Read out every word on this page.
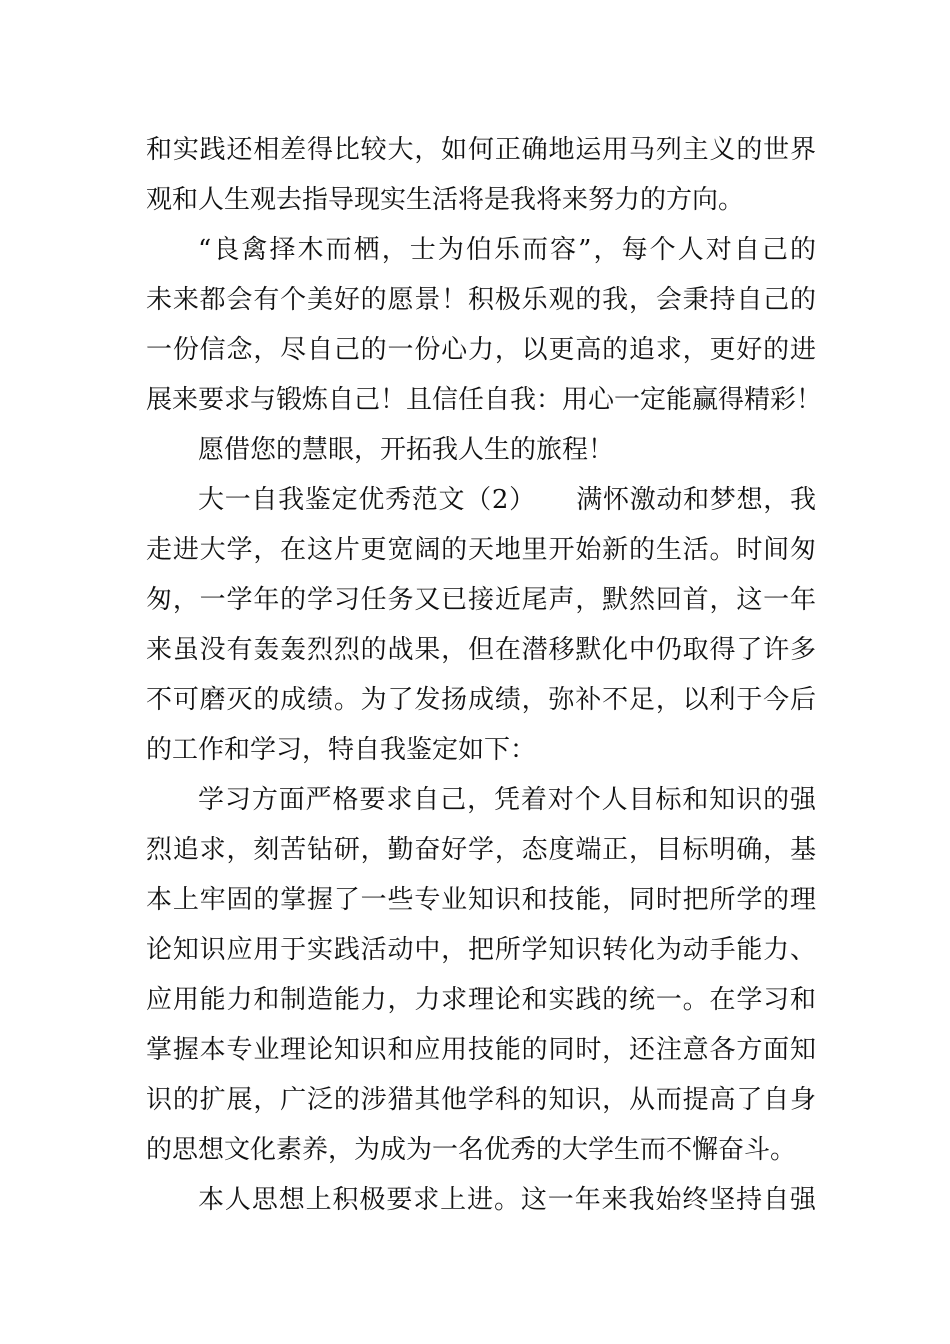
和实践还相差得比较大，如何正确地运用马列主义的世界
观和人生观去指导现实生活将是我将来努力的方向。
“良禽择木而栖，士为伯乐而容”，每个人对自己的
未来都会有个美好的愿景！积极乐观的我，会秉持自己的
一份信念，尽自己的一份心力，以更高的追求，更好的进
展来要求与锻炼自己！且信任自我：用心一定能赢得精彩！
愿借您的慧眼，开拓我人生的旅程！
大一自我鉴定优秀范文（2）　　满怀激动和梦想，我
走进大学，在这片更宽阔的天地里开始新的生活。时间匆
匆，一学年的学习任务又已接近尾声，默然回首，这一年
来虽没有轰轰烈烈的战果，但在潜移默化中仍取得了许多
不可磨灭的成绩。为了发扬成绩，弥补不足，以利于今后
的工作和学习，特自我鉴定如下：
学习方面严格要求自己，凭着对个人目标和知识的强
烈追求，刻苦钻研，勤奋好学，态度端正，目标明确，基
本上牢固的掌握了一些专业知识和技能，同时把所学的理
论知识应用于实践活动中，把所学知识转化为动手能力、
应用能力和制造能力，力求理论和实践的统一。在学习和
掌握本专业理论知识和应用技能的同时，还注意各方面知
识的扩展，广泛的涉猎其他学科的知识，从而提高了自身
的思想文化素养，为成为一名优秀的大学生而不懈奋斗。
本人思想上积极要求上进。这一年来我始终坚持自强
